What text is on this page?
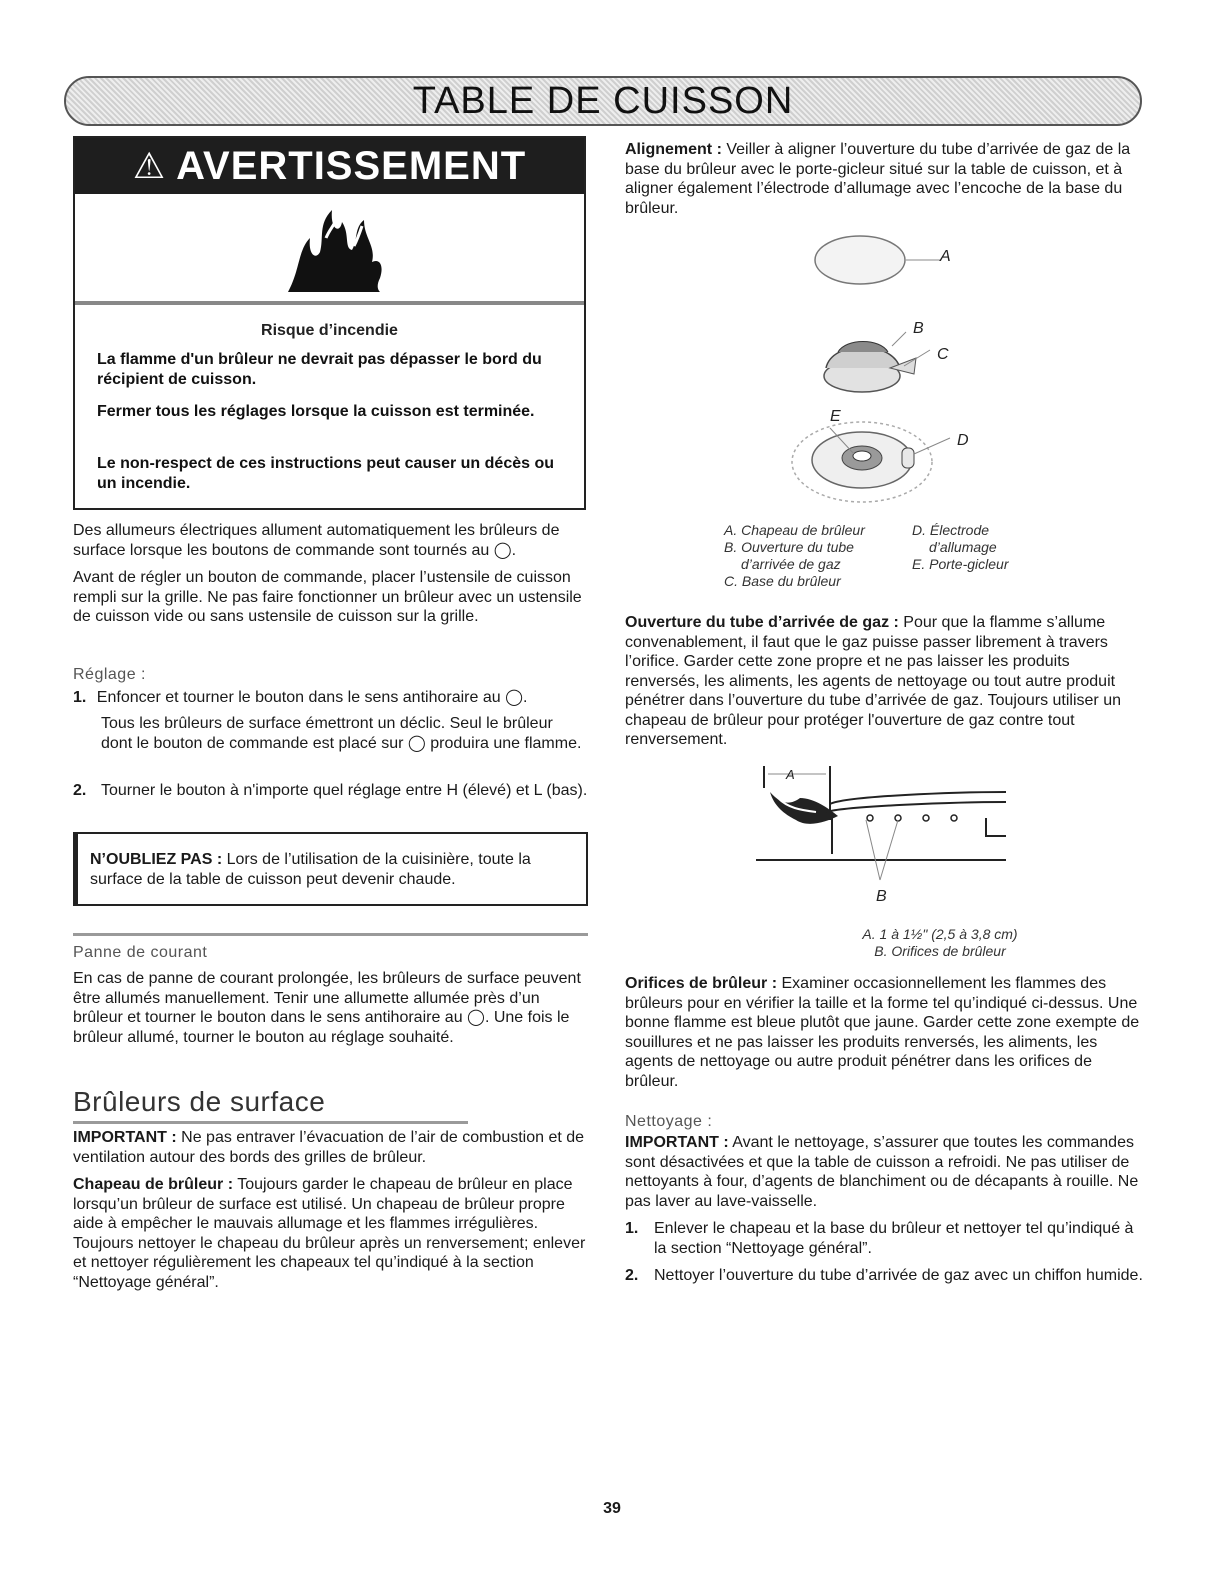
TABLE DE CUISSON
⚠ AVERTISSEMENT
Risque d’incendie
La flamme d'un brûleur ne devrait pas dépasser le bord du récipient de cuisson.
Fermer tous les réglages lorsque la cuisson est terminée.
Le non-respect de ces instructions peut causer un décès ou un incendie.
Des allumeurs électriques allument automatiquement les brûleurs de surface lorsque les boutons de commande sont tournés au ◯.
Avant de régler un bouton de commande, placer l’ustensile de cuisson rempli sur la grille. Ne pas faire fonctionner un brûleur avec un ustensile de cuisson vide ou sans ustensile de cuisson sur la grille.
Réglage :
1. Enfoncer et tourner le bouton dans le sens antihoraire au ◯.
Tous les brûleurs de surface émettront un déclic. Seul le brûleur dont le bouton de commande est placé sur ◯ produira une flamme.
2. Tourner le bouton à n'importe quel réglage entre H (élevé) et L (bas).
N’OUBLIEZ PAS : Lors de l’utilisation de la cuisinière, toute la surface de la table de cuisson peut devenir chaude.
Panne de courant
En cas de panne de courant prolongée, les brûleurs de surface peuvent être allumés manuellement. Tenir une allumette allumée près d’un brûleur et tourner le bouton dans le sens antihoraire au ◯. Une fois le brûleur allumé, tourner le bouton au réglage souhaité.
Brûleurs de surface
IMPORTANT : Ne pas entraver l’évacuation de l’air de combustion et de ventilation autour des bords des grilles de brûleur.
Chapeau de brûleur : Toujours garder le chapeau de brûleur en place lorsqu’un brûleur de surface est utilisé. Un chapeau de brûleur propre aide à empêcher le mauvais allumage et les flammes irrégulières. Toujours nettoyer le chapeau du brûleur après un renversement; enlever et nettoyer régulièrement les chapeaux tel qu’indiqué à la section “Nettoyage général”.
Alignement : Veiller à aligner l’ouverture du tube d’arrivée de gaz de la base du brûleur avec le porte-gicleur situé sur la table de cuisson, et à aligner également l’électrode d’allumage avec l’encoche de la base du brûleur.
A
B
C
E
D
A. Chapeau de brûleur
B. Ouverture du tube
d’arrivée de gaz
C. Base du brûleur
D. Électrode
d’allumage
E. Porte-gicleur
Ouverture du tube d’arrivée de gaz : Pour que la flamme s’allume convenablement, il faut que le gaz puisse passer librement à travers l’orifice. Garder cette zone propre et ne pas laisser les produits renversés, les aliments, les agents de nettoyage ou tout autre produit pénétrer dans l’ouverture du tube d’arrivée de gaz. Toujours utiliser un chapeau de brûleur pour protéger l'ouverture de gaz contre tout renversement.
A
B
A. 1 à 1½" (2,5 à 3,8 cm)
B. Orifices de brûleur
Orifices de brûleur : Examiner occasionnellement les flammes des brûleurs pour en vérifier la taille et la forme tel qu’indiqué ci-dessus. Une bonne flamme est bleue plutôt que jaune. Garder cette zone exempte de souillures et ne pas laisser les produits renversés, les aliments, les agents de nettoyage ou autre produit pénétrer dans les orifices de brûleur.
Nettoyage :
IMPORTANT : Avant le nettoyage, s’assurer que toutes les commandes sont désactivées et que la table de cuisson a refroidi. Ne pas utiliser de nettoyants à four, d’agents de blanchiment ou de décapants à rouille. Ne pas laver au lave-vaisselle.
1. Enlever le chapeau et la base du brûleur et nettoyer tel qu’indiqué à la section “Nettoyage général”.
2. Nettoyer l’ouverture du tube d’arrivée de gaz avec un chiffon humide.
39
